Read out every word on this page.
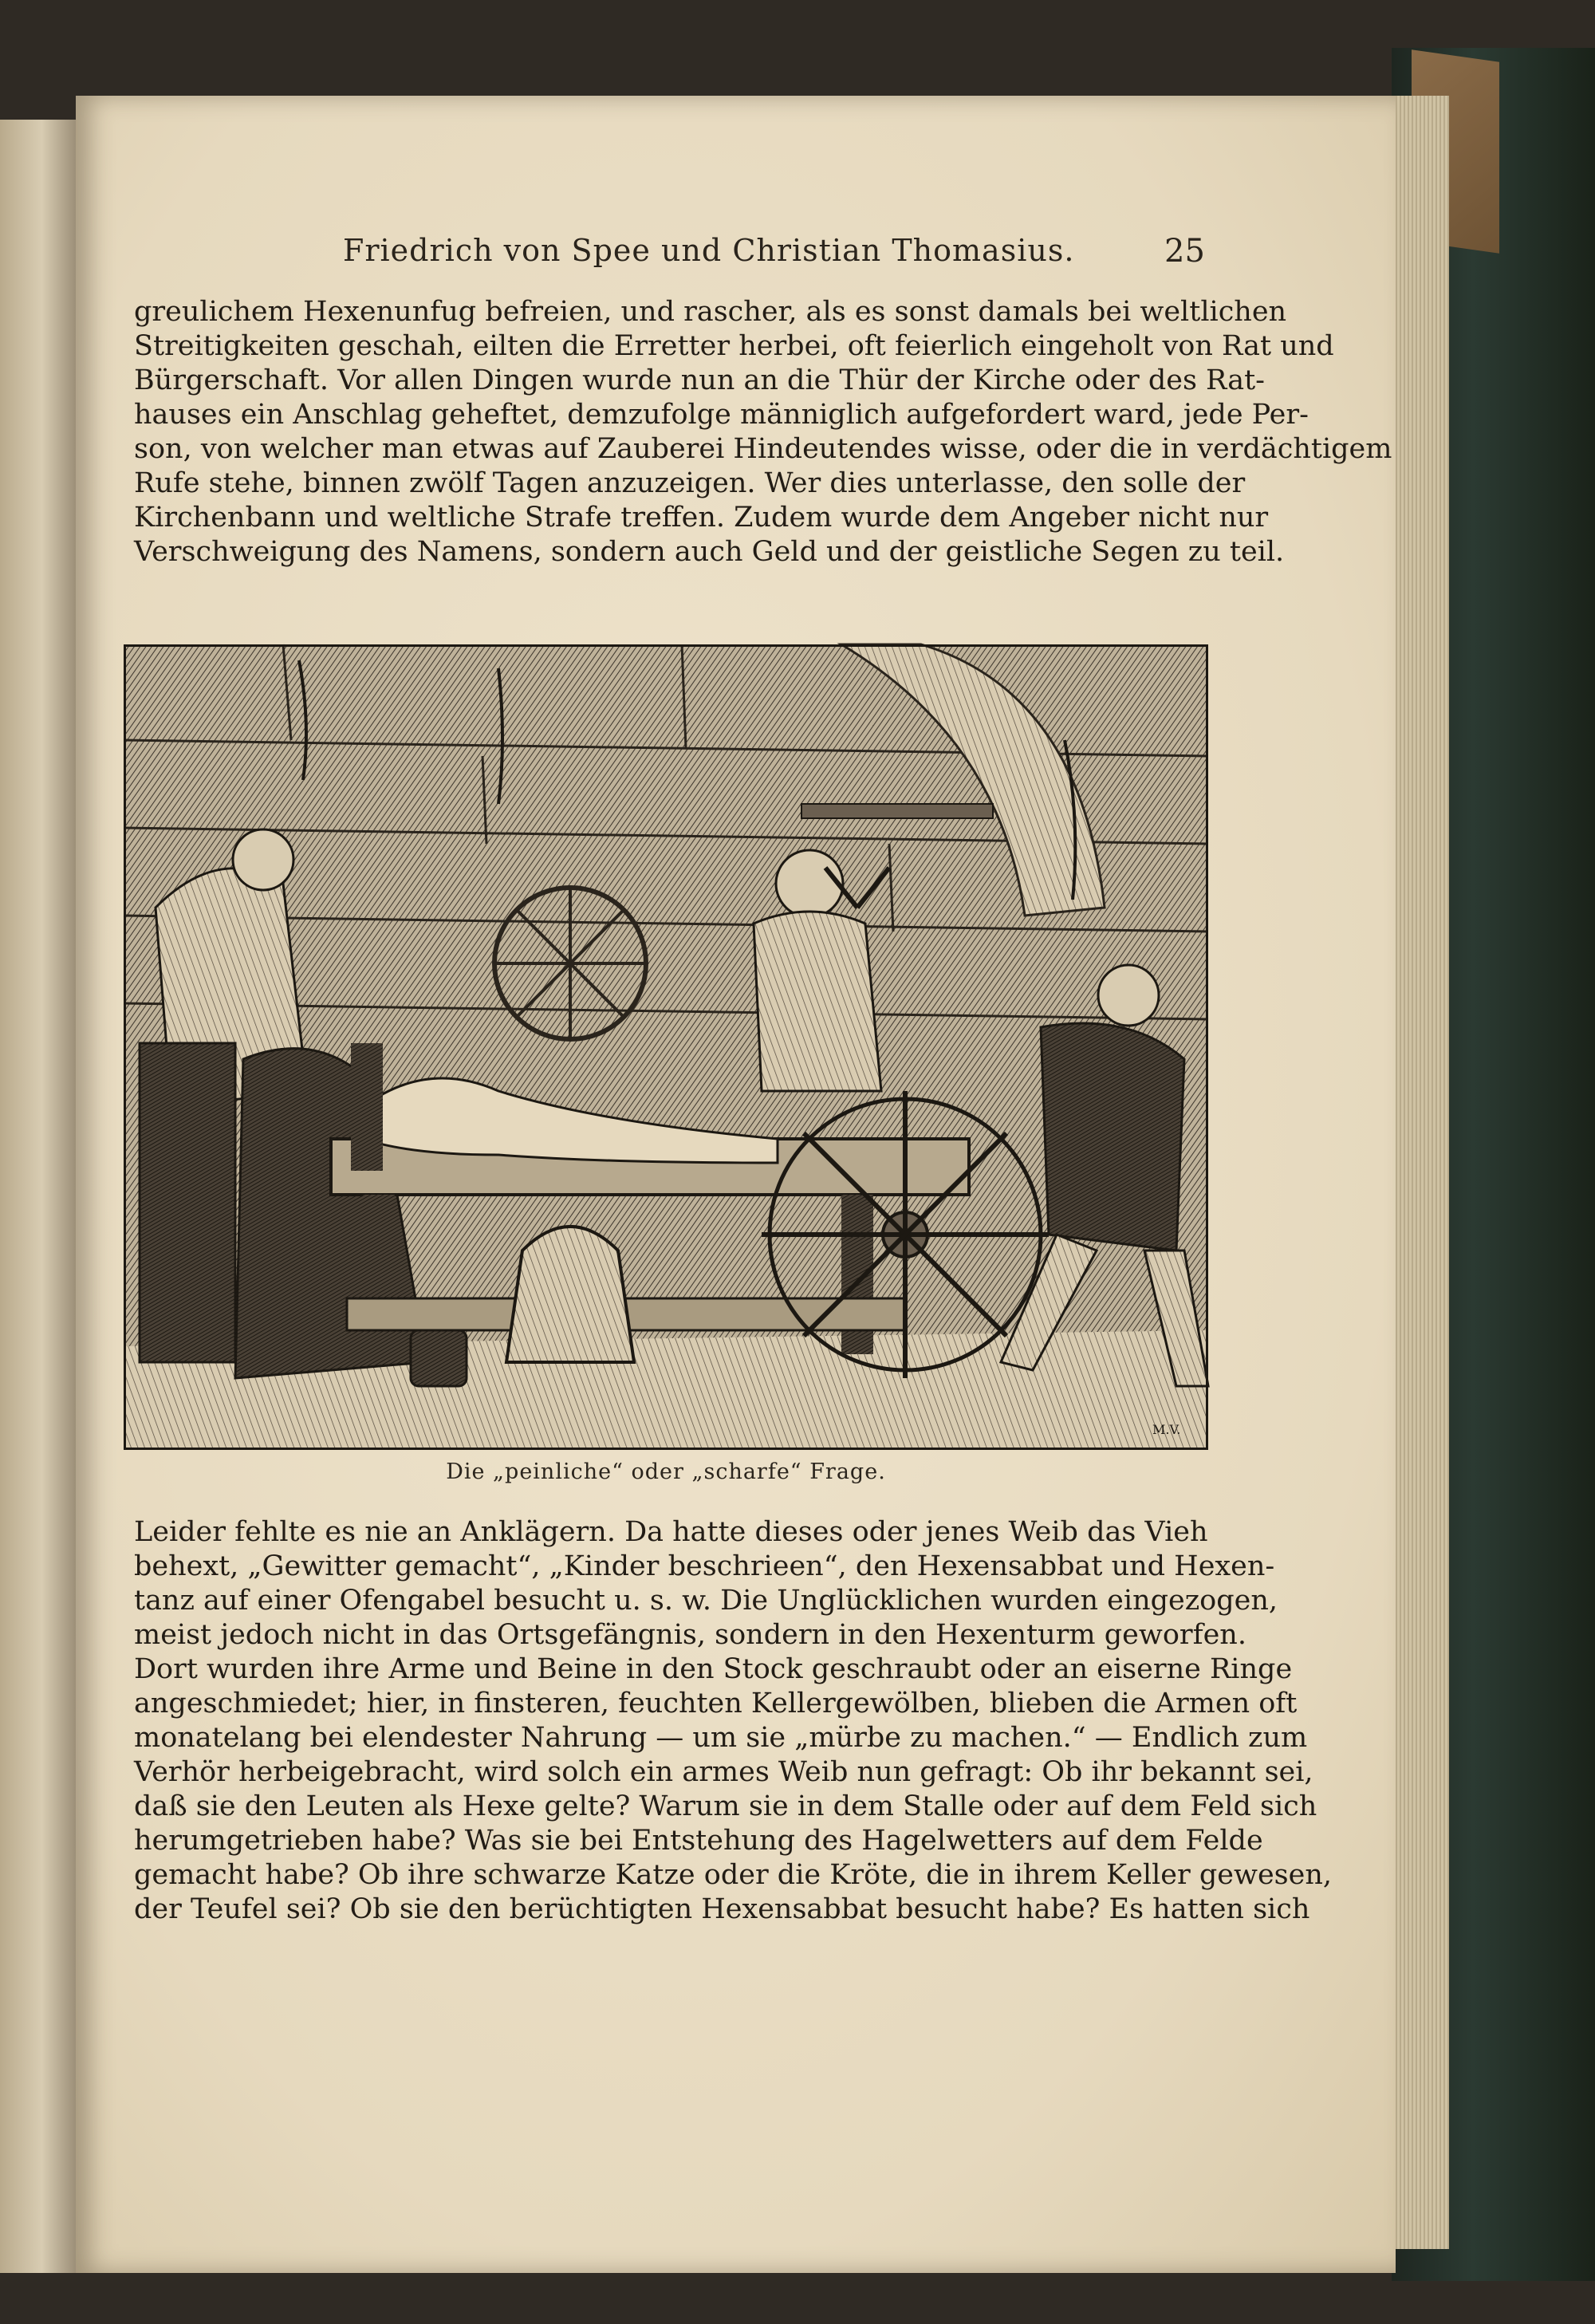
Friedrich von Spee und Christian Thomasius.	25
greulichem Hexenunfug befreien, und rascher, als es sonst damals bei weltlichen
Streitigkeiten geschah, eilten die Erretter herbei, oft feierlich eingeholt von Rat und
Bürgerschaft. Vor allen Dingen wurde nun an die Thür der Kirche oder des Rat-
hauses ein Anschlag geheftet, demzufolge männiglich aufgefordert ward, jede Per-
son, von welcher man etwas auf Zauberei Hindeutendes wisse, oder die in verdächtigem
Rufe stehe, binnen zwölf Tagen anzuzeigen. Wer dies unterlasse, den solle der
Kirchenbann und weltliche Strafe treffen. Zudem wurde dem Angeber nicht nur
Verschweigung des Namens, sondern auch Geld und der geistliche Segen zu teil.
M.V.
Die „peinliche“ oder „scharfe“ Frage.
Leider fehlte es nie an Anklägern. Da hatte dieses oder jenes Weib das Vieh
behext, „Gewitter gemacht“, „Kinder beschrieen“, den Hexensabbat und Hexen-
tanz auf einer Ofengabel besucht u. s. w. Die Unglücklichen wurden eingezogen,
meist jedoch nicht in das Ortsgefängnis, sondern in den Hexenturm geworfen.
Dort wurden ihre Arme und Beine in den Stock geschraubt oder an eiserne Ringe
angeschmiedet; hier, in finsteren, feuchten Kellergewölben, blieben die Armen oft
monatelang bei elendester Nahrung — um sie „mürbe zu machen.“ — Endlich zum
Verhör herbeigebracht, wird solch ein armes Weib nun gefragt: Ob ihr bekannt sei,
daß sie den Leuten als Hexe gelte? Warum sie in dem Stalle oder auf dem Feld sich
herumgetrieben habe? Was sie bei Entstehung des Hagelwetters auf dem Felde
gemacht habe? Ob ihre schwarze Katze oder die Kröte, die in ihrem Keller gewesen,
der Teufel sei? Ob sie den berüchtigten Hexensabbat besucht habe? Es hatten sich
